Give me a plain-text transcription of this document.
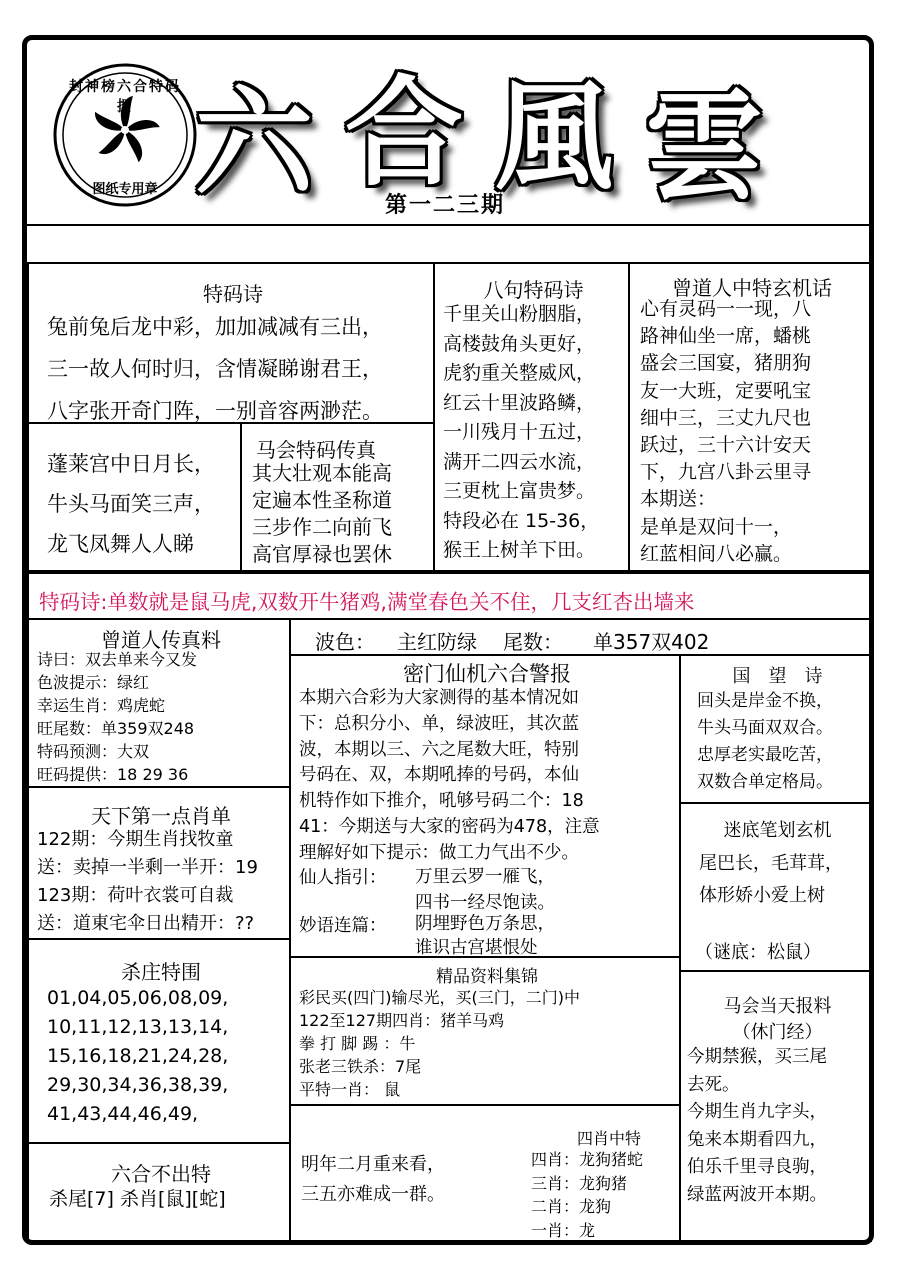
封神榜六合特码报
图纸专用章 六 合 風 雲
第一二三期
特码诗
兔前兔后龙中彩，加加减减有三出，
三一故人何时归，含情凝睇谢君王，
八字张开奇门阵，一别音容两渺茫。
蓬莱宫中日月长，
牛头马面笑三声，
龙飞凤舞人人睇
马会特码传真
其大壮观本能高
定遍本性圣称道
三步作二向前飞
高官厚禄也罢休
八句特码诗
千里关山粉胭脂，
高楼鼓角头更好，
虎豹重关整威风，
红云十里波路鳞，
一川残月十五过，
满开二四云水流，
三更枕上富贵梦。
特段必在 15-36，
猴王上树羊下田。
曾道人中特玄机话
心有灵码一一现，八
路神仙坐一席，蟠桃
盛会三国宴，猪朋狗
友一大班，定要吼宝
细中三，三丈九尺也
跃过，三十六计安天
下，九宫八卦云里寻
本期送：
是单是双问十一，
红蓝相间八必赢。
特码诗:单数就是鼠马虎,双数开牛猪鸡,满堂春色关不住，几支红杏出墙来
曾道人传真料
诗曰：双去单来今又发
色波提示：绿红
幸运生肖：鸡虎蛇
旺尾数：单359双248
特码预测：大双
旺码提供：18 29 36
天下第一点肖单
122期：今期生肖找牧童
送：卖掉一半剩一半开：19
123期：荷叶衣裳可自裁
送：道東宅伞日出精开：??
杀庄特围
01,04,05,06,08,09,
10,11,12,13,13,14,
15,16,18,21,24,28,
29,30,34,36,38,39,
41,43,44,46,49,
六合不出特
杀尾[7] 杀肖[鼠][蛇]
波色： 主红防绿 尾数： 单357双402
密门仙机六合警报
本期六合彩为大家测得的基本情况如
下：总积分小、单，绿波旺，其次蓝
波，本期以三、六之尾数大旺，特别
号码在、双，本期吼捧的号码，本仙
机特作如下推介，吼够号码二个：18
41：今期送与大家的密码为478，注意
理解好如下提示：做工力气出不少。
仙人指引： 万里云罗一雁飞，
四书一经尽饱读。
妙语连篇： 阴埋野色万条思，
谁识古宫堪恨处
精品资料集锦
彩民买(四门)输尽光，买(三门，二门)中
122至127期四肖：猪羊马鸡
拳 打 脚 踢 ：牛
张老三铁杀：7尾
平特一肖： 鼠
明年二月重来看，
三五亦难成一群。
四肖中特
四肖：龙狗猪蛇
三肖：龙狗猪
二肖：龙狗
一肖：龙
国　望　诗
回头是岸金不换，
牛头马面双双合。
忠厚老实最吃苦，
双数合单定格局。
迷底笔划玄机
尾巴长，毛茸茸，
体形娇小爱上树
（谜底：松鼠）
马会当天报料
（休门经）
今期禁猴，买三尾
去死。
今期生肖九字头，
兔来本期看四九，
伯乐千里寻良驹，
绿蓝两波开本期。
